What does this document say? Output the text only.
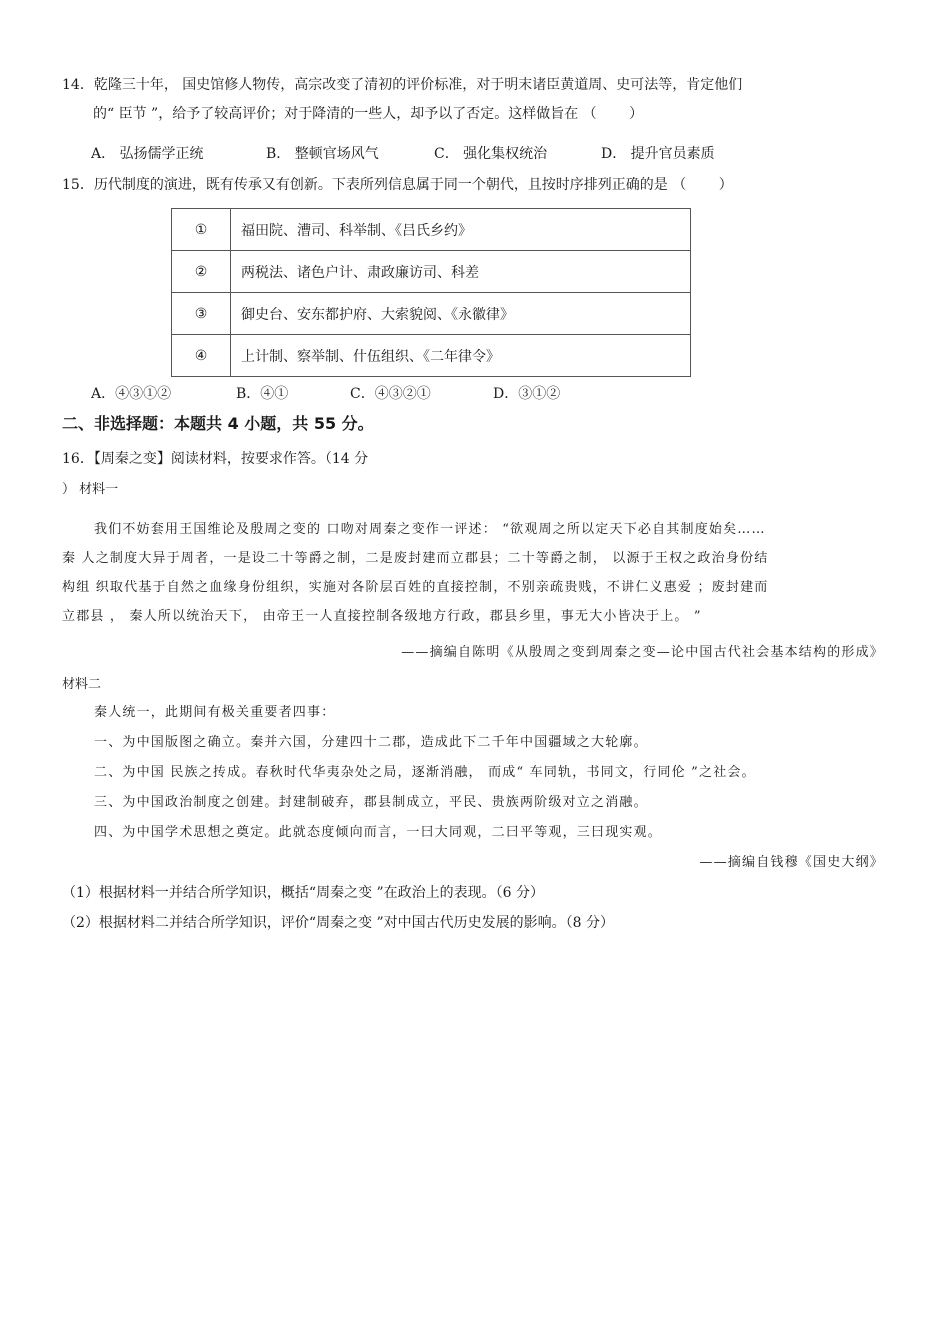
14．乾隆三十年， 国史馆修人物传，高宗改变了清初的评价标准，对于明末诸臣黄道周、史可法等，肯定他们
的“ 臣节 ”，给予了较高评价；对于降清的一些人，却予以了否定。这样做旨在 （　　 ）
A． 弘扬儒学正统	B． 整顿官场风气	C． 强化集权统治	D． 提升官员素质
15．历代制度的演进，既有传承又有创新。下表所列信息属于同一个朝代，且按时序排列正确的是 （　　 ）
①	福田院、漕司、科举制、《吕氏乡约》
②	两税法、诸色户计、肃政廉访司、科差
③	御史台、安东都护府、大索貌阅、《永徽律》
④	上计制、察举制、什伍组织、《二年律令》
A．④③①②	B．④①	C．④③②①	D．③①②
二、非选择题：本题共 4 小题，共 55 分。
16．【周秦之变】阅读材料，按要求作答。（14 分
） 材料一
我们不妨套用王国维论及殷周之变的 口吻对周秦之变作一评述： “欲观周之所以定天下必自其制度始矣……
秦 人之制度大异于周者，一是设二十等爵之制，二是废封建而立郡县；二十等爵之制， 以源于王权之政治身份结
构组 织取代基于自然之血缘身份组织，实施对各阶层百姓的直接控制，不别亲疏贵贱，不讲仁义惠爱 ；废封建而
立郡县 ， 秦人所以统治天下， 由帝王一人直接控制各级地方行政，郡县乡里，事无大小皆决于上。 ”
——摘编自陈明《从殷周之变到周秦之变—论中国古代社会基本结构的形成》
材料二
秦人统一，此期间有极关重要者四事：
一、为中国版图之确立。秦并六国，分建四十二郡，造成此下二千年中国疆域之大轮廓。
二、为中国 民族之抟成。春秋时代华夷杂处之局，逐渐消融， 而成“ 车同轨，书同文，行同伦 ”之社会。
三、为中国政治制度之创建。封建制破弃，郡县制成立，平民、贵族两阶级对立之消融。
四、为中国学术思想之奠定。此就态度倾向而言，一曰大同观，二曰平等观，三曰现实观。
——摘编自钱穆《国史大纲》
（1）根据材料一并结合所学知识，概括“周秦之变 ”在政治上的表现。（6 分）
（2）根据材料二并结合所学知识，评价“周秦之变 ”对中国古代历史发展的影响。（8 分）
